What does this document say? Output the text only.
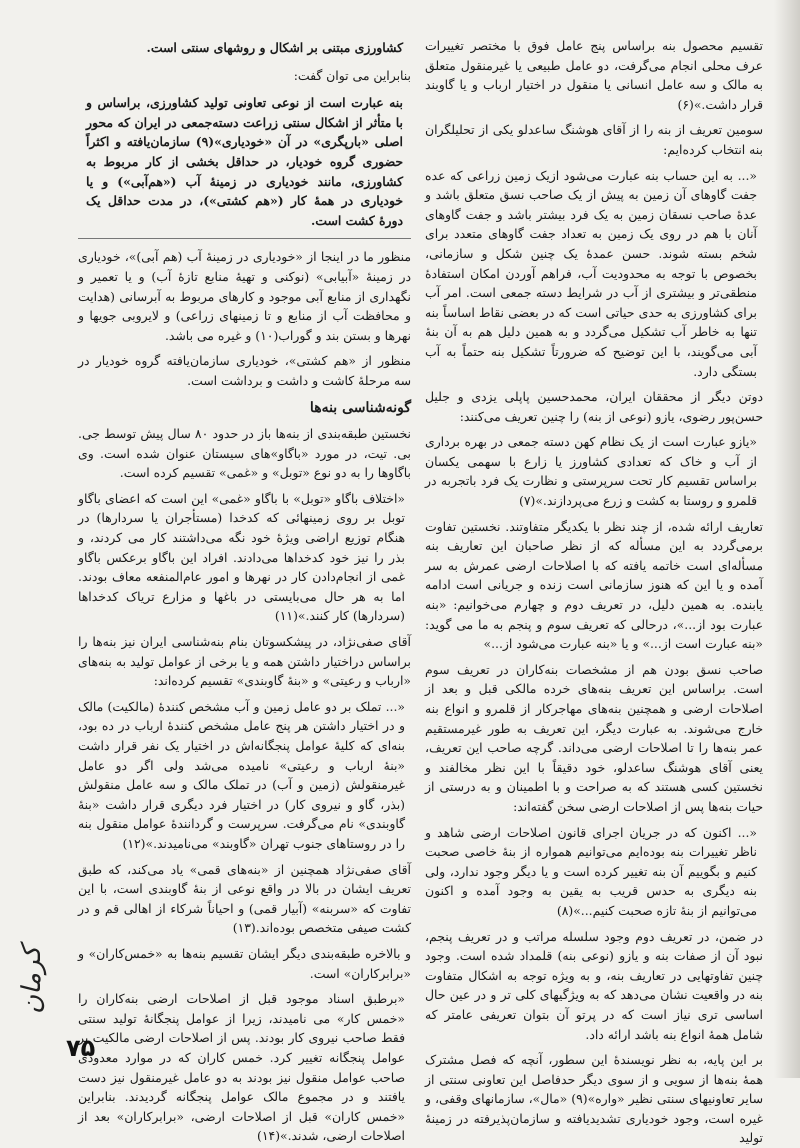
تقسیم محصول بنه براساس پنج عامل فوق با مختصر تغییرات عرف محلی انجام می‌گرفت، دو عامل طبیعی یا غیرمنقول متعلق به مالک و سه عامل انسانی یا منقول در اختیار ارباب و یا گاوبند قرار داشت.»(۶)

سومین تعریف از بنه را از آقای هوشنگ ساعدلو یکی از تحلیلگران بنه انتخاب کرده‌ایم:

«... به این حساب بنه عبارت می‌شود ازیک زمین زراعی که عده جفت گاوهای آن زمین به پیش از یک صاحب نسق متعلق باشد و عدهٔ صاحب نسقان زمین به یک فرد بیشتر باشد و جفت گاوهای آنان با هم در روی یک زمین به تعداد جفت گاوهای متعدد برای شخم بسته شوند. حسن عمدهٔ یک چنین شکل و سازمانی، بخصوص با توجه به محدودیت آب، فراهم آوردن امکان استفادهٔ منطقی‌تر و بیشتری از آب در شرایط دسته جمعی است. امر آب برای کشاورزی به حدی حیاتی است که در بعضی نقاط اساساً بنه تنها به خاطر آب تشکیل می‌گردد و به همین دلیل هم به آن بنهٔ آبی می‌گویند، با این توضیح که ضرورتاً تشکیل بنه حتماً به آب بستگی دارد.

دوتن دیگر از محققان ایران، محمدحسین پاپلی یزدی و جلیل حسن‌پور رضوی، یازو (نوعی از بنه) را چنین تعریف می‌کنند:

«یازو عبارت است از یک نظام کهن دسته جمعی در بهره برداری از آب و خاک که تعدادی کشاورز یا زارع با سهمی یکسان براساس تقسیم کار تحت سرپرستی و نظارت یک فرد باتجربه در قلمرو و روستا به کشت و زرع می‌پردازند.»(۷)

تعاریف ارائه شده، از چند نظر با یکدیگر متفاوتند. نخستین تفاوت برمی‌گردد به این مسأله که از نظر صاحبان این تعاریف بنه مسأله‌ای است خاتمه یافته که با اصلاحات ارضی عمرش به سر آمده و یا این که هنوز سازمانی است زنده و جریانی است ادامه یابنده. به همین دلیل، در تعریف دوم و چهارم می‌خوانیم: «بنه عبارت بود از...»، درحالی که تعریف سوم و پنجم به ما می گوید: «بنه عبارت است از...» و یا «بنه عبارت می‌شود از...»

صاحب نسق بودن هم از مشخصات بنه‌کاران در تعریف سوم است. براساس این تعریف بنه‌های خرده مالکی قبل و بعد از اصلاحات ارضی و همچنین بنه‌های مهاجرکار از قلمرو و انواع بنه خارج می‌شوند. به عبارت دیگر، این تعریف به طور غیرمستقیم عمر بنه‌ها را تا اصلاحات ارضی می‌داند. گرچه صاحب این تعریف، یعنی آقای هوشنگ ساعدلو، خود دقیقاً با این نظر مخالفند و نخستین کسی هستند که به صراحت و با اطمینان و به درستی از حیات بنه‌ها پس از اصلاحات ارضی سخن گفته‌اند:

«... اکنون که در جریان اجرای قانون اصلاحات ارضی شاهد و ناظر تغییرات بنه بوده‌ایم می‌توانیم همواره از بنهٔ خاصی صحبت کنیم و بگوییم آن بنه تغییر کرده است و یا دیگر وجود ندارد، ولی بنه دیگری به حدس قریب به یقین به وجود آمده و اکنون می‌توانیم از بنهٔ تازه صحبت کنیم...»(۸)

در ضمن، در تعریف دوم وجود سلسله مراتب و در تعریف پنجم، نبود آن از صفات بنه و یازو (نوعی بنه) قلمداد شده است. وجود چنین تفاوتهایی در تعاریف بنه، و به ویژه توجه به اشکال متفاوت بنه در واقعیت نشان می‌دهد که به ویژگیهای کلی تر و در عین حال اساسی تری نیاز است که در پرتو آن بتوان تعریفی عامتر که شامل همهٔ انواع بنه باشد ارائه داد.

بر این پایه، به نظر نویسندهٔ این سطور، آنچه که فصل مشترک همهٔ بنه‌ها از سویی و از سوی دیگر حدفاصل این تعاونی سنتی از سایر تعاونیهای سنتی نظیر «واره»(۹) «مال»، سازمانهای وقفی، و غیره است، وجود خودیاری تشدیدیافته و سازمان‌پذیرفته در زمینهٔ تولید

کشاورزی مبتنی بر اشکال و روشهای سنتی است.

بنابراین می توان گفت:

بنه عبارت است از نوعی تعاونی تولید کشاورزی، براساس و با متأثر از اشکال سنتی زراعت دسته‌جمعی در ایران که محور اصلی «بارپگری» در آن «خودیاری»(۹) سازمان‌یافته و اکثراً حضوری گروه خودیار، در حداقل بخشی از کار مربوط به کشاورزی، مانند خودیاری در زمینهٔ آب («هم‌آبی») و یا خودیاری در همهٔ کار («هم کشتی»)، در مدت حداقل یک دورهٔ کشت است.

منظور ما در اینجا از «خودیاری در زمینهٔ آب (هم آبی)»، خودیاری در زمینهٔ «آبیابی» (نوکنی و تهیهٔ منابع تازهٔ آب) و یا تعمیر و نگهداری از منابع آبی موجود و کارهای مربوط به آبرسانی (هدایت و محافظت آب از منابع و تا زمینهای زراعی) و لایروبی جویها و نهرها و بستن بند و گوراب(۱۰) و غیره می باشد.

منظور از «هم کشتی»، خودیاری سازمان‌یافته گروه خودیار در سه مرحلهٔ کاشت و داشت و برداشت است.

گونه‌شناسی بنه‌ها

نخستین طبقه‌بندی از بنه‌ها باز در حدود ۸۰ سال پیش توسط جی. بی. تیت، در مورد «باگاو»های سیستان عنوان شده است. وی باگاوها را به دو نوع «توبل» و «غمی» تقسیم کرده است.

«اختلاف باگاو «توبل» با باگاو «غمی» این است که اعضای باگاو توبل بر روی زمینهائی که کدخدا (مستأجران یا سردارها) در هنگام توزیع اراضی ویژهٔ خود نگه می‌داشتند کار می کردند، و بذر را نیز خود کدخداها می‌دادند. افراد این باگاو برعکس باگاو غمی از انجام‌دادن کار در نهرها و امور عام‌المنفعه معاف بودند. اما به هر حال می‌بایستی در باغها و مزارع تریاک کدخداها (سردارها) کار کنند.»(۱۱)

آقای صفی‌نژاد، در پیشکسوتان بنام بنه‌شناسی ایران نیز بنه‌ها را براساس دراختیار داشتن همه و یا برخی از عوامل تولید به بنه‌های «ارباب و رعیتی» و «بنهٔ گاوبندی» تقسیم کرده‌اند:

«... تملک بر دو عامل زمین و آب مشخص کنندهٔ (مالکیت) مالک و در اختیار داشتن هر پنج عامل مشخص کنندهٔ ارباب در ده بود، بنه‌ای که کلیهٔ عوامل پنجگانه‌اش در اختیار یک نفر قرار داشت «بنهٔ ارباب و رعیتی» نامیده می‌شد ولی اگر دو عامل غیرمنقولش (زمین و آب) در تملک مالک و سه عامل منقولش (بذر، گاو و نیروی کار) در اختیار فرد دیگری قرار داشت «بنهٔ گاوبندی» نام می‌گرفت. سرپرست و گردانندهٔ عوامل منقول بنه را در روستاهای جنوب تهران «گاوبند» می‌نامیدند.»(۱۲)

آقای صفی‌نژاد همچنین از «بنه‌های قمی» یاد می‌کند، که طبق تعریف ایشان در بالا در واقع نوعی از بنهٔ گاوبندی است، با این تفاوت که «سربنه» (آبیار قمی) و احیاناً شرکاء از اهالی قم و در کشت صیفی متخصص بوده‌اند.(۱۳)

و بالاخره طبقه‌بندی دیگر ایشان تقسیم بنه‌ها به «خمس‌کاران» و «برابرکاران» است.

«برطبق اسناد موجود قبل از اصلاحات ارضی بنه‌کاران را «خمس کار» می نامیدند، زیرا از عوامل پنجگانهٔ تولید سنتی فقط صاحب نیروی کار بودند. پس از اصلاحات ارضی مالکیت بر عوامل پنجگانه تغییر کرد. خمس کاران که در موارد معدودی صاحب عوامل منقول نیز بودند به دو عامل غیرمنقول نیز دست یافتند و در مجموع مالک عوامل پنجگانه گردیدند. بنابراین «خمس کاران» قبل از اصلاحات ارضی، «برابرکاران» بعد از اصلاحات ارضی، شدند.»(۱۴)

کرمان
۷۵
